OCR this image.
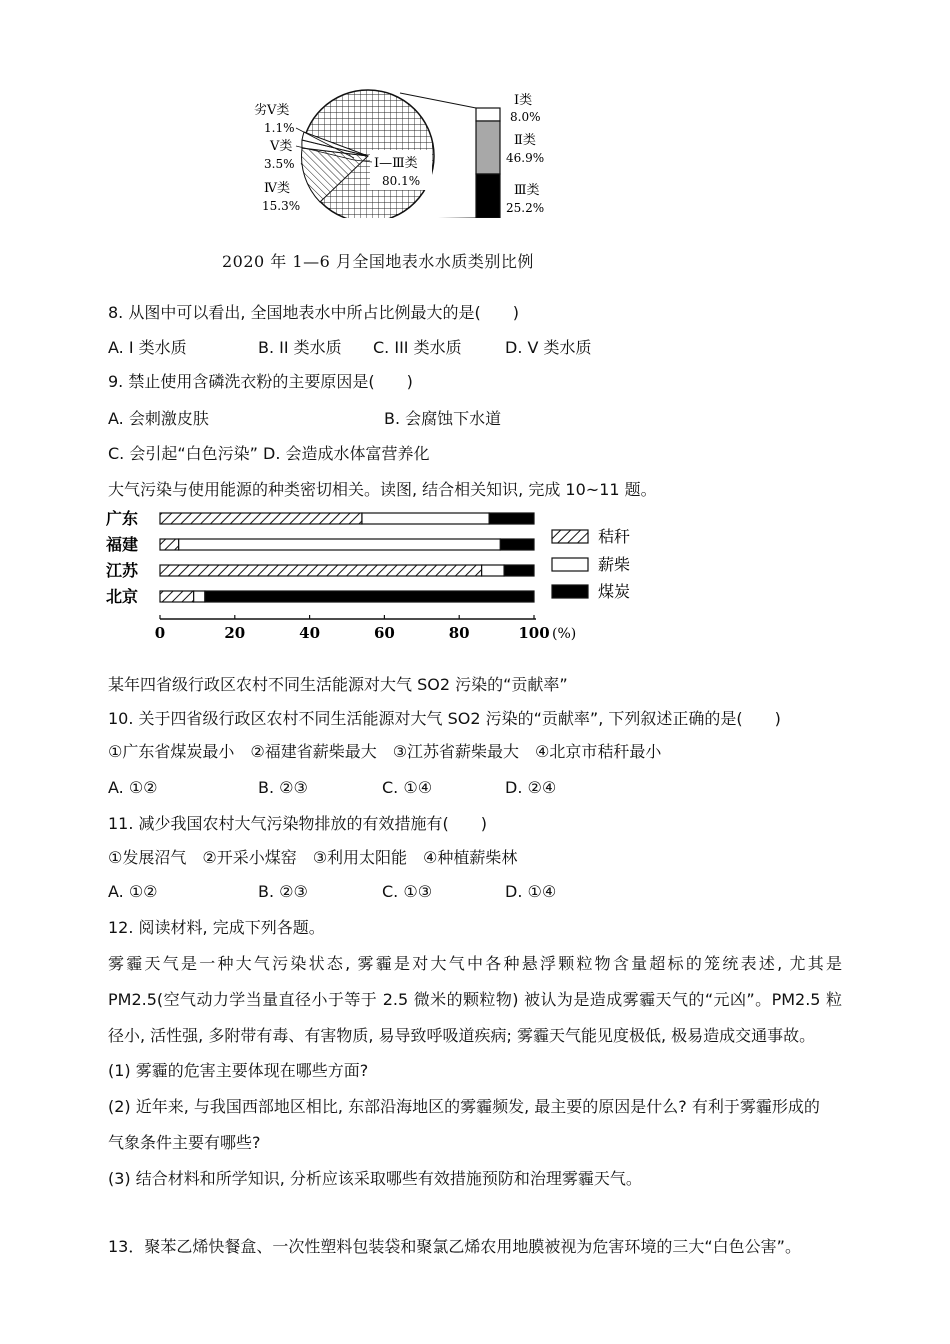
劣Ⅴ类
1.1%
Ⅴ类
3.5%
Ⅳ类
15.3%
Ⅰ—Ⅲ类
80.1%
Ⅰ类
8.0%
Ⅱ类
46.9%
Ⅲ类
25.2%
2020 年 1—6 月全国地表水水质类别比例
8. 从图中可以看出, 全国地表水中所占比例最大的是(　　)
A. I 类水质	B. II 类水质 C. III 类水质	D. V 类水质
9. 禁止使用含磷洗衣粉的主要原因是(　　)
A. 会刺激皮肤	B. 会腐蚀下水道
C. 会引起“白色污染” D. 会造成水体富营养化
大气污染与使用能源的种类密切相关。读图, 结合相关知识, 完成 10~11 题。
广东
福建
江苏
北京
0	20	40	60	80	100 (%)
秸秆
薪柴
煤炭
某年四省级行政区农村不同生活能源对大气 SO2 污染的“贡献率”
10. 关于四省级行政区农村不同生活能源对大气 SO2 污染的“贡献率”, 下列叙述正确的是(　　)
①广东省煤炭最小　②福建省薪柴最大　③江苏省薪柴最大　④北京市秸秆最小
A. ①②	B. ②③	C. ①④	D. ②④
11. 减少我国农村大气污染物排放的有效措施有(　　)
①发展沼气　②开采小煤窑　③利用太阳能　④种植薪柴林
A. ①②	B. ②③	C. ①③	D. ①④
12. 阅读材料, 完成下列各题。
雾霾天气是一种大气污染状态, 雾霾是对大气中各种悬浮颗粒物含量超标的笼统表述, 尤其是
PM2.5(空气动力学当量直径小于等于 2.5 微米的颗粒物) 被认为是造成雾霾天气的“元凶”。PM2.5 粒
径小, 活性强, 多附带有毒、有害物质, 易导致呼吸道疾病; 雾霾天气能见度极低, 极易造成交通事故。
(1) 雾霾的危害主要体现在哪些方面?
(2) 近年来, 与我国西部地区相比, 东部沿海地区的雾霾频发, 最主要的原因是什么? 有利于雾霾形成的
气象条件主要有哪些?
(3) 结合材料和所学知识, 分析应该采取哪些有效措施预防和治理雾霾天气。
13．聚苯乙烯快餐盒、一次性塑料包装袋和聚氯乙烯农用地膜被视为危害环境的三大“白色公害”。
